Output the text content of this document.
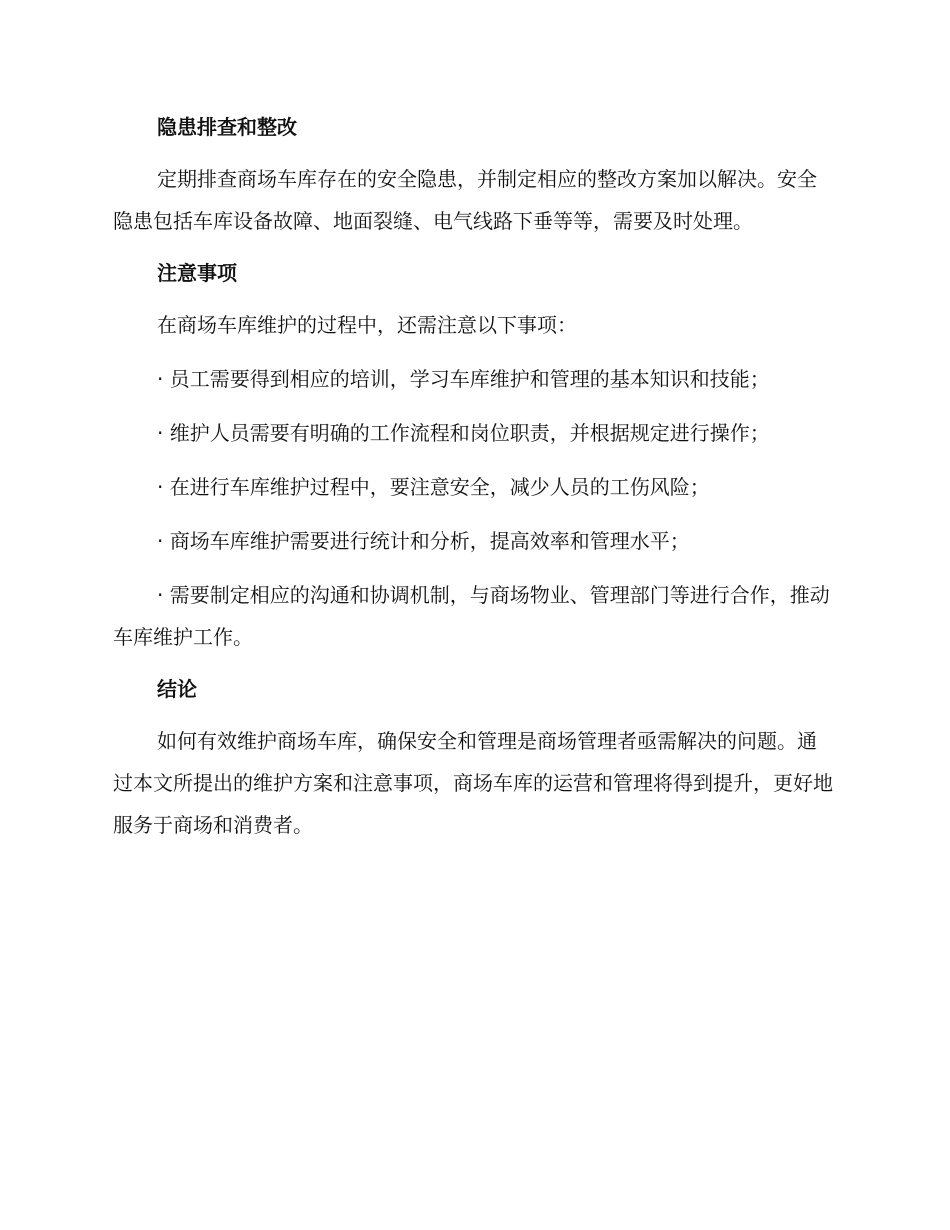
隐患排查和整改

定期排查商场车库存在的安全隐患，并制定相应的整改方案加以解决。安全隐患包括车库设备故障、地面裂缝、电气线路下垂等等，需要及时处理。

注意事项

在商场车库维护的过程中，还需注意以下事项：

· 员工需要得到相应的培训，学习车库维护和管理的基本知识和技能；

· 维护人员需要有明确的工作流程和岗位职责，并根据规定进行操作；

· 在进行车库维护过程中，要注意安全，减少人员的工伤风险；

· 商场车库维护需要进行统计和分析，提高效率和管理水平；

· 需要制定相应的沟通和协调机制，与商场物业、管理部门等进行合作，推动车库维护工作。

结论

如何有效维护商场车库，确保安全和管理是商场管理者亟需解决的问题。通过本文所提出的维护方案和注意事项，商场车库的运营和管理将得到提升，更好地服务于商场和消费者。
